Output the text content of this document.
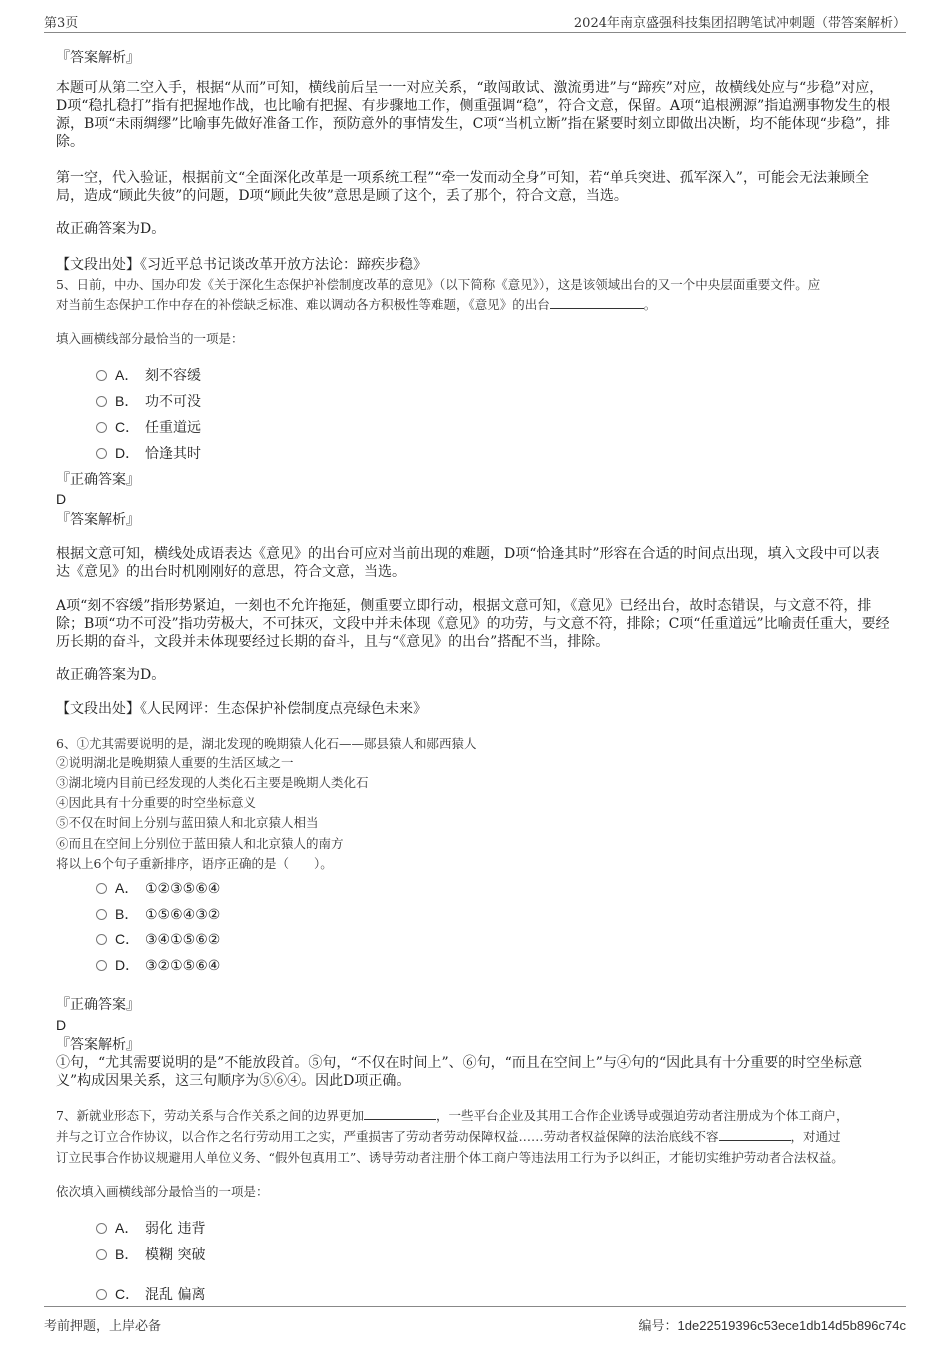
第3页	2024年南京盛强科技集团招聘笔试冲刺题（带答案解析）
『答案解析』
本题可从第二空入手，根据“从而”可知，横线前后呈一一对应关系，“敢闯敢试、激流勇进”与“蹄疾”对应，故横线处应与“步稳”对应，D项“稳扎稳打”指有把握地作战，也比喻有把握、有步骤地工作，侧重强调“稳”，符合文意，保留。A项“追根溯源”指追溯事物发生的根源，B项“未雨绸缪”比喻事先做好准备工作，预防意外的事情发生，C项“当机立断”指在紧要时刻立即做出决断，均不能体现“步稳”，排除。
第一空，代入验证，根据前文“全面深化改革是一项系统工程”“牵一发而动全身”可知，若“单兵突进、孤军深入”，可能会无法兼顾全局，造成“顾此失彼”的问题，D项“顾此失彼”意思是顾了这个，丢了那个，符合文意，当选。
故正确答案为D。
【文段出处】《习近平总书记谈改革开放方法论：蹄疾步稳》
5、日前，中办、国办印发《关于深化生态保护补偿制度改革的意见》（以下简称《意见》），这是该领域出台的又一个中央层面重要文件。应
对当前生态保护工作中存在的补偿缺乏标准、难以调动各方积极性等难题，《意见》的出台	。
填入画横线部分最恰当的一项是：
A． 刻不容缓
B． 功不可没
C． 任重道远
D． 恰逢其时
『正确答案』
D
『答案解析』
根据文意可知，横线处成语表达《意见》的出台可应对当前出现的难题，D项“恰逢其时”形容在合适的时间点出现，填入文段中可以表达《意见》的出台时机刚刚好的意思，符合文意，当选。
A项“刻不容缓”指形势紧迫，一刻也不允许拖延，侧重要立即行动，根据文意可知，《意见》已经出台，故时态错误，与文意不符，排除；B项“功不可没”指功劳极大，不可抹灭，文段中并未体现《意见》的功劳，与文意不符，排除；C项“任重道远”比喻责任重大，要经历长期的奋斗，文段并未体现要经过长期的奋斗，且与“《意见》的出台”搭配不当，排除。
故正确答案为D。
【文段出处】《人民网评：生态保护补偿制度点亮绿色未来》
6、①尤其需要说明的是，湖北发现的晚期猿人化石——郧县猿人和郧西猿人
②说明湖北是晚期猿人重要的生活区域之一
③湖北境内目前已经发现的人类化石主要是晚期人类化石
④因此具有十分重要的时空坐标意义
⑤不仅在时间上分别与蓝田猿人和北京猿人相当
⑥而且在空间上分别位于蓝田猿人和北京猿人的南方
将以上6个句子重新排序，语序正确的是（　　）。
A． ①②③⑤⑥④
B． ①⑤⑥④③②
C． ③④①⑤⑥②
D． ③②①⑤⑥④
『正确答案』
D
『答案解析』
①句，“尤其需要说明的是”不能放段首。⑤句，“不仅在时间上”、⑥句，“而且在空间上”与④句的“因此具有十分重要的时空坐标意义”构成因果关系，这三句顺序为⑤⑥④。因此D项正确。
7、新就业形态下，劳动关系与合作关系之间的边界更加	，一些平台企业及其用工合作企业诱导或强迫劳动者注册成为个体工商户，
并与之订立合作协议，以合作之名行劳动用工之实，严重损害了劳动者劳动保障权益……劳动者权益保障的法治底线不容	，对通过
订立民事合作协议规避用人单位义务、“假外包真用工”、诱导劳动者注册个体工商户等违法用工行为予以纠正，才能切实维护劳动者合法权益。
依次填入画横线部分最恰当的一项是：
A． 弱化 违背
B． 模糊 突破
C． 混乱 偏离
考前押题，上岸必备	编号：1de22519396c53ece1db14d5b896c74c
